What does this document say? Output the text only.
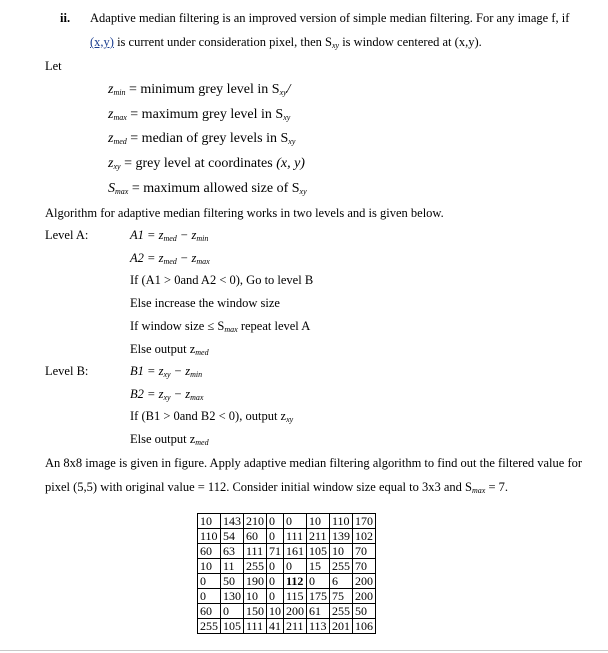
ii. Adaptive median filtering is an improved version of simple median filtering. For any image f, if
(x,y) is current under consideration pixel, then $S_{xy}$ is window centered at (x,y).
Let
$z_{min}$ = minimum grey level in $S_{xy}/$
$z_{max}$ = maximum grey level in $S_{xy}$
$z_{med}$ = median of grey levels in $S_{xy}$
$z_{xy}$ = grey level at coordinates (x, y)
$S_{max}$ = maximum allowed size of $S_{xy}$
Algorithm for adaptive median filtering works in two levels and is given below.
Level A:	$A1 = z_{med} - z_{min}$
$A2 = z_{med} - z_{max}$
If (A1 > 0and A2 < 0), Go to level B
Else increase the window size
If window size ≤ $S_{max}$ repeat level A
Else output $z_{med}$
Level B:	$B1 = z_{xy} - z_{min}$
$B2 = z_{xy} - z_{max}$
If (B1 > 0and B2 < 0), output $z_{xy}$
Else output $z_{med}$
An 8x8 image is given in figure. Apply adaptive median filtering algorithm to find out the filtered value for
pixel (5,5) with original value = 112. Consider initial window size equal to 3x3 and $S_{max} = 7$.
10	143	210	0	0	10	110	170
110	54	60	0	111	211	139	102
60	63	111	71	161	105	10	70
10	11	255	0	0	15	255	70
0	50	190	0	112	0	6	200
0	130	10	0	115	175	75	200
60	0	150	10	200	61	255	50
255	105	111	41	211	113	201	106
